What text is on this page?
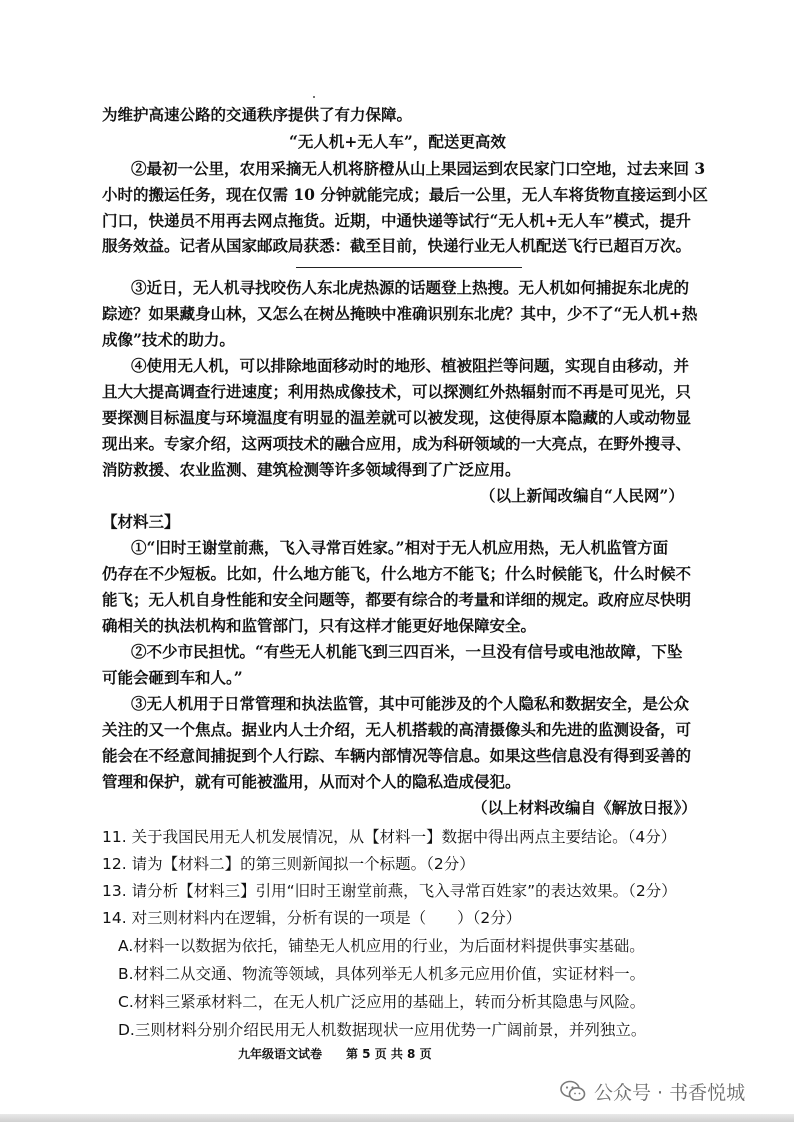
为维护高速公路的交通秩序提供了有力保障。
“无人机+无人车”，配送更高效
②最初一公里，农用采摘无人机将脐橙从山上果园运到农民家门口空地，过去来回 3
小时的搬运任务，现在仅需 10 分钟就能完成；最后一公里，无人车将货物直接运到小区
门口，快递员不用再去网点拖货。近期，中通快递等试行“无人机+无人车”模式，提升
服务效益。记者从国家邮政局获悉：截至目前，快递行业无人机配送飞行已超百万次。
③近日，无人机寻找咬伤人东北虎热源的话题登上热搜。无人机如何捕捉东北虎的
踪迹？如果藏身山林，又怎么在树丛掩映中准确识别东北虎？其中，少不了“无人机+热
成像”技术的助力。
④使用无人机，可以排除地面移动时的地形、植被阻拦等问题，实现自由移动，并
且大大提高调查行进速度；利用热成像技术，可以探测红外热辐射而不再是可见光，只
要探测目标温度与环境温度有明显的温差就可以被发现，这使得原本隐藏的人或动物显
现出来。专家介绍，这两项技术的融合应用，成为科研领域的一大亮点，在野外搜寻、
消防救援、农业监测、建筑检测等许多领域得到了广泛应用。
（以上新闻改编自“人民网”）
【材料三】
①“旧时王谢堂前燕，飞入寻常百姓家。”相对于无人机应用热，无人机监管方面
仍存在不少短板。比如，什么地方能飞，什么地方不能飞；什么时候能飞，什么时候不
能飞；无人机自身性能和安全问题等，都要有综合的考量和详细的规定。政府应尽快明
确相关的执法机构和监管部门，只有这样才能更好地保障安全。
②不少市民担忧。“有些无人机能飞到三四百米，一旦没有信号或电池故障，下坠
可能会砸到车和人。”
③无人机用于日常管理和执法监管，其中可能涉及的个人隐私和数据安全，是公众
关注的又一个焦点。据业内人士介绍，无人机搭载的高清摄像头和先进的监测设备，可
能会在不经意间捕捉到个人行踪、车辆内部情况等信息。如果这些信息没有得到妥善的
管理和保护，就有可能被滥用，从而对个人的隐私造成侵犯。
（以上材料改编自《解放日报》）
11. 关于我国民用无人机发展情况，从【材料一】数据中得出两点主要结论。（4分）
12. 请为【材料二】的第三则新闻拟一个标题。（2分）
13. 请分析【材料三】引用“旧时王谢堂前燕，飞入寻常百姓家”的表达效果。（2分）
14. 对三则材料内在逻辑，分析有误的一项是（　　）（2分）
A.材料一以数据为依托，铺垫无人机应用的行业，为后面材料提供事实基础。
B.材料二从交通、物流等领域，具体列举无人机多元应用价值，实证材料一。
C.材料三紧承材料二，在无人机广泛应用的基础上，转而分析其隐患与风险。
D.三则材料分别介绍民用无人机数据现状一应用优势一广阔前景，并列独立。
九年级语文试卷　　第 5 页 共 8 页
公众号 · 书香悦城
